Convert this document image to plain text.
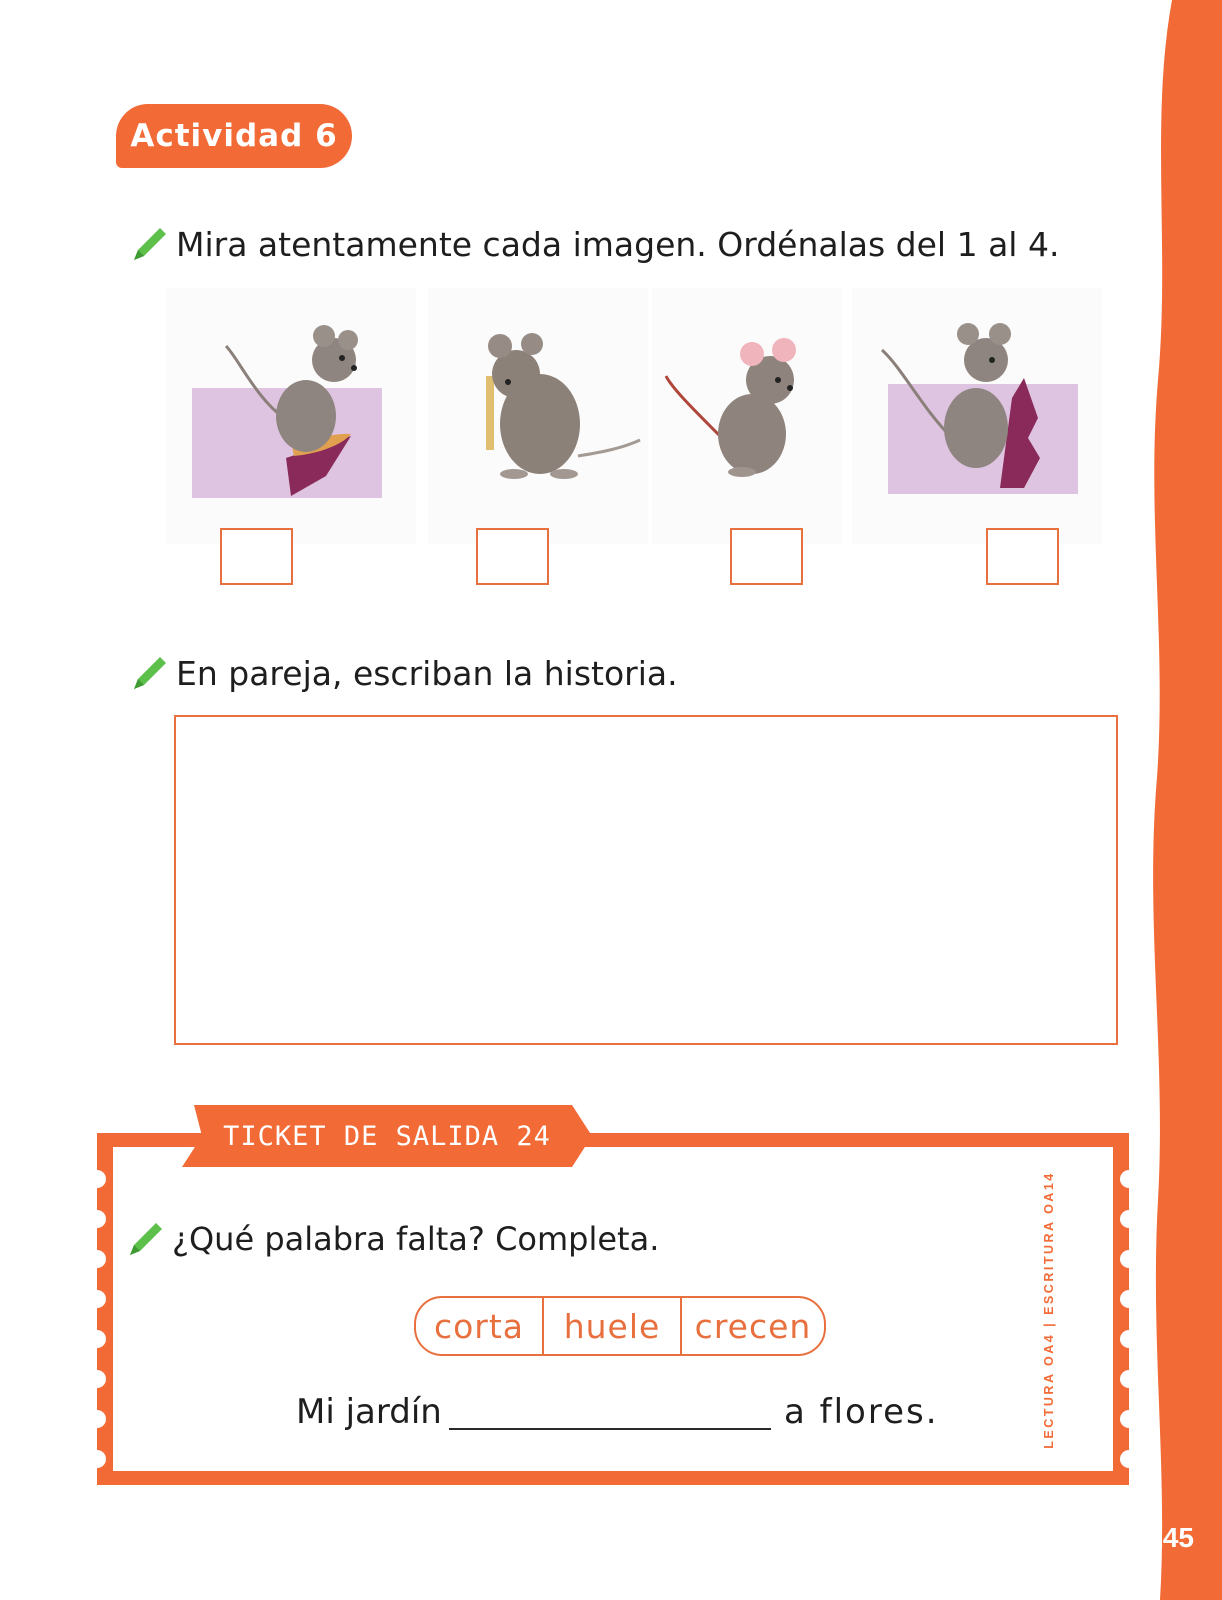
145
Actividad 6
Mira atentamente cada imagen. Ordénalas del 1 al 4.
En pareja, escriban la historia.
TICKET DE SALIDA 24
LECTURA OA4 | ESCRITURA OA14
¿Qué palabra falta? Completa.
corta	huele	crecen
Mi jardín	a flores.
